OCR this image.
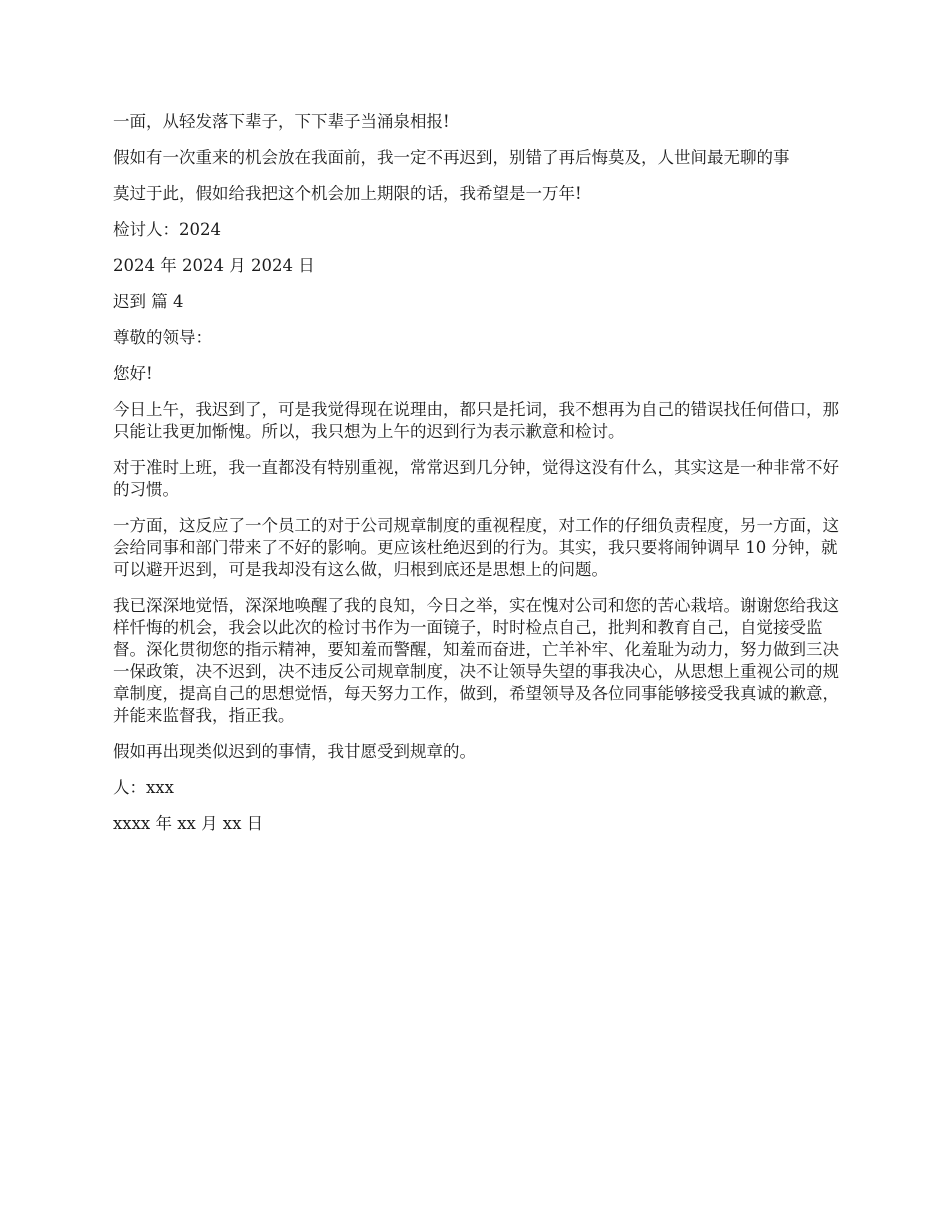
一面，从轻发落下辈子，下下辈子当涌泉相报!

假如有一次重来的机会放在我面前，我一定不再迟到，别错了再后悔莫及，人世间最无聊的事

莫过于此，假如给我把这个机会加上期限的话，我希望是一万年!

检讨人：2024

2024 年 2024 月 2024 日

迟到 篇 4

尊敬的领导：

您好!

今日上午，我迟到了，可是我觉得现在说理由，都只是托词，我不想再为自己的错误找任何借口，那只能让我更加惭愧。所以，我只想为上午的迟到行为表示歉意和检讨。

对于准时上班，我一直都没有特别重视，常常迟到几分钟，觉得这没有什么，其实这是一种非常不好的习惯。

一方面，这反应了一个员工的对于公司规章制度的重视程度，对工作的仔细负责程度，另一方面，这会给同事和部门带来了不好的影响。更应该杜绝迟到的行为。其实，我只要将闹钟调早 10 分钟，就可以避开迟到，可是我却没有这么做，归根到底还是思想上的问题。

我已深深地觉悟，深深地唤醒了我的良知，今日之举，实在愧对公司和您的苦心栽培。谢谢您给我这样忏悔的机会，我会以此次的检讨书作为一面镜子，时时检点自己，批判和教育自己，自觉接受监督。深化贯彻您的指示精神，要知羞而警醒，知羞而奋进，亡羊补牢、化羞耻为动力，努力做到三决一保政策，决不迟到，决不违反公司规章制度，决不让领导失望的事我决心，从思想上重视公司的规章制度，提高自己的思想觉悟，每天努力工作，做到，希望领导及各位同事能够接受我真诚的歉意，并能来监督我，指正我。

假如再出现类似迟到的事情，我甘愿受到规章的。

人：xxx

xxxx 年 xx 月 xx 日
